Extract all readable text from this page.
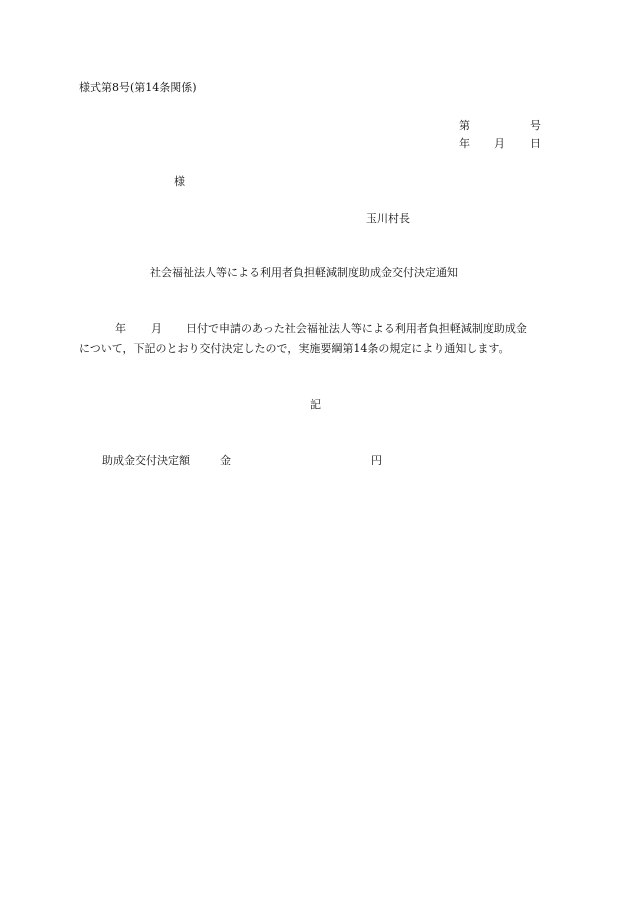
様式第8号(第14条関係)
第	号
年 月 日
様
玉川村長
社会福祉法人等による利用者負担軽減制度助成金交付決定通知
年 月 日付で申請のあった社会福祉法人等による利用者負担軽減制度助成金
について，下記のとおり交付決定したので，実施要綱第14条の規定により通知します。
記
助成金交付決定額	金	円
